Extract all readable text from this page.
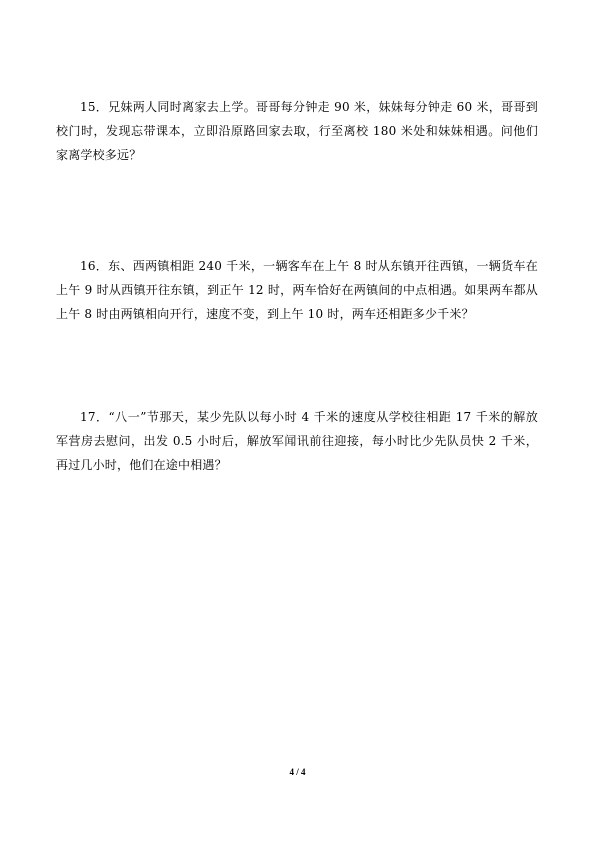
15．兄妹两人同时离家去上学。哥哥每分钟走 90 米，妹妹每分钟走 60 米，哥哥到校门时，发现忘带课本，立即沿原路回家去取，行至离校 180 米处和妹妹相遇。问他们家离学校多远？

16．东、西两镇相距 240 千米，一辆客车在上午 8 时从东镇开往西镇，一辆货车在上午 9 时从西镇开往东镇，到正午 12 时，两车恰好在两镇间的中点相遇。如果两车都从上午 8 时由两镇相向开行，速度不变，到上午 10 时，两车还相距多少千米？

17．“八一”节那天，某少先队以每小时 4 千米的速度从学校往相距 17 千米的解放军营房去慰问，出发 0.5 小时后，解放军闻讯前往迎接，每小时比少先队员快 2 千米，再过几小时，他们在途中相遇？

4 / 4
